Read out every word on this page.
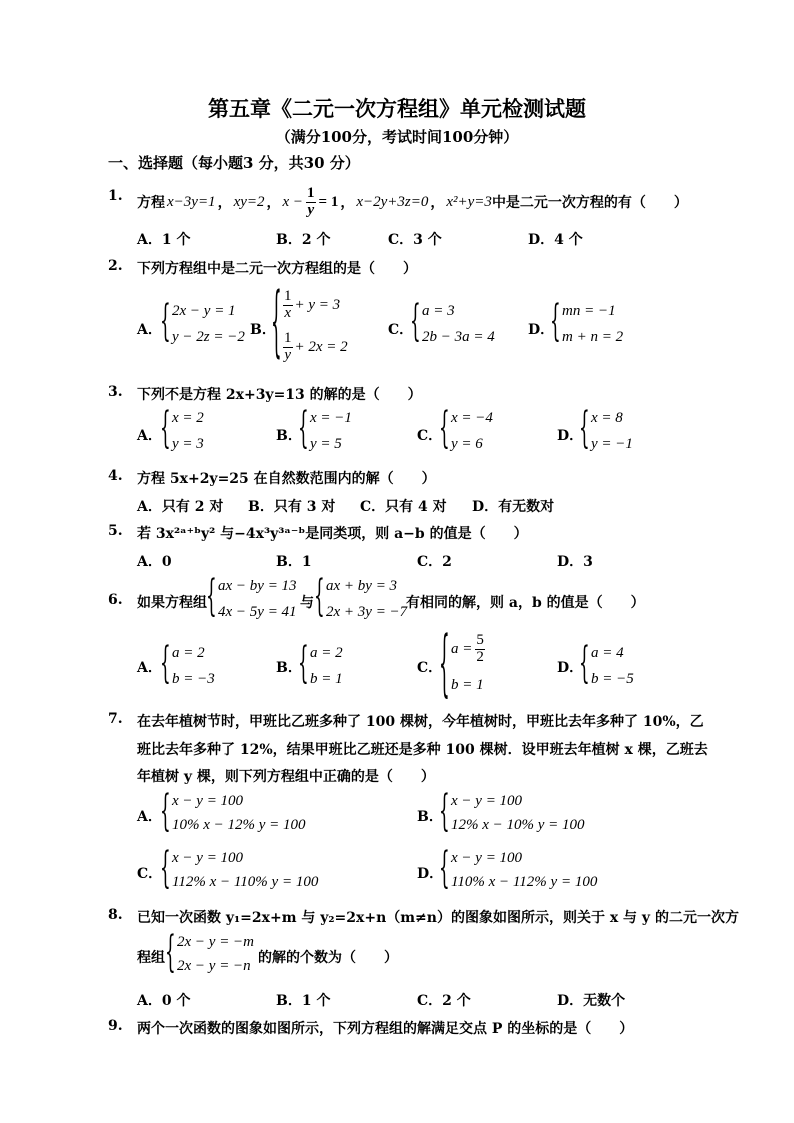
第五章《二元一次方程组》单元检测试题
（满分100分，考试时间100分钟）
一、选择题（每小题3 分，共30 分）
1. 方程 x−3y=1 ， xy=2 ， $x - \frac{1}{y} = 1$ ， x−2y+3z=0 ， x²+y=3 中是二元一次方程的有（　　）
A．1 个	B．2 个	C．3 个	D．4 个
2. 下列方程组中是二元一次方程组的是（　　）
A．
{ 2x − y = 1
y − 2z = −2 B．
{ $\frac{1}{x} + y = 3$
$\frac{1}{y} + 2x = 2$
C．
{ a = 3
2b − 3a = 4 D．
{ mn = −1
m + n = 2
3. 下列不是方程 2x+3y=13 的解的是（　　）
A．
{ x = 2
y = 3	B．
{ x = −1
y = 5	C．
{ x = −4
y = 6	D．
{ x = 8
y = −1
4. 方程 5x+2y=25 在自然数范围内的解（　　）
A．只有 2 对 B．只有 3 对 C．只有 4 对 D．有无数对
5. 若 3x²ᵃ⁺ᵇy² 与−4x³y³ᵃ⁻ᵇ是同类项，则 a−b 的值是（　　）
A．0	B．1	C．2	D．3
6. 如果方程组 { ax − by = 13
4x − 5y = 41
与 { ax + by = 3
2x + 3y = −7
有相同的解，则 a，b 的值是（　　）
A．
{ a = 2
b = −3
B．
{ a = 2
b = 1
C．
{ $a = \frac{5}{2}$
b = 1
D．
{ a = 4
b = −5
7. 在去年植树节时，甲班比乙班多种了 100 棵树，今年植树时，甲班比去年多种了 10%，乙
班比去年多种了 12%，结果甲班比乙班还是多种 100 棵树．设甲班去年植树 x 棵，乙班去
年植树 y 棵，则下列方程组中正确的是（　　）
A．
{ x − y = 100
10% x − 12% y = 100	B．
{ x − y = 100
12% x − 10% y = 100
C．
{ x − y = 100
112% x − 110% y = 100	D．
{ x − y = 100
110% x − 112% y = 100
8. 已知一次函数 y₁=2x+m 与 y₂=2x+n（m≠n）的图象如图所示，则关于 x 与 y 的二元一次方
程组 { 2x − y = −m
2x − y = −n 的解的个数为（　　）
A．0 个	B．1 个	C．2 个	D．无数个
9. 两个一次函数的图象如图所示，下列方程组的解满足交点 P 的坐标的是（　　）
